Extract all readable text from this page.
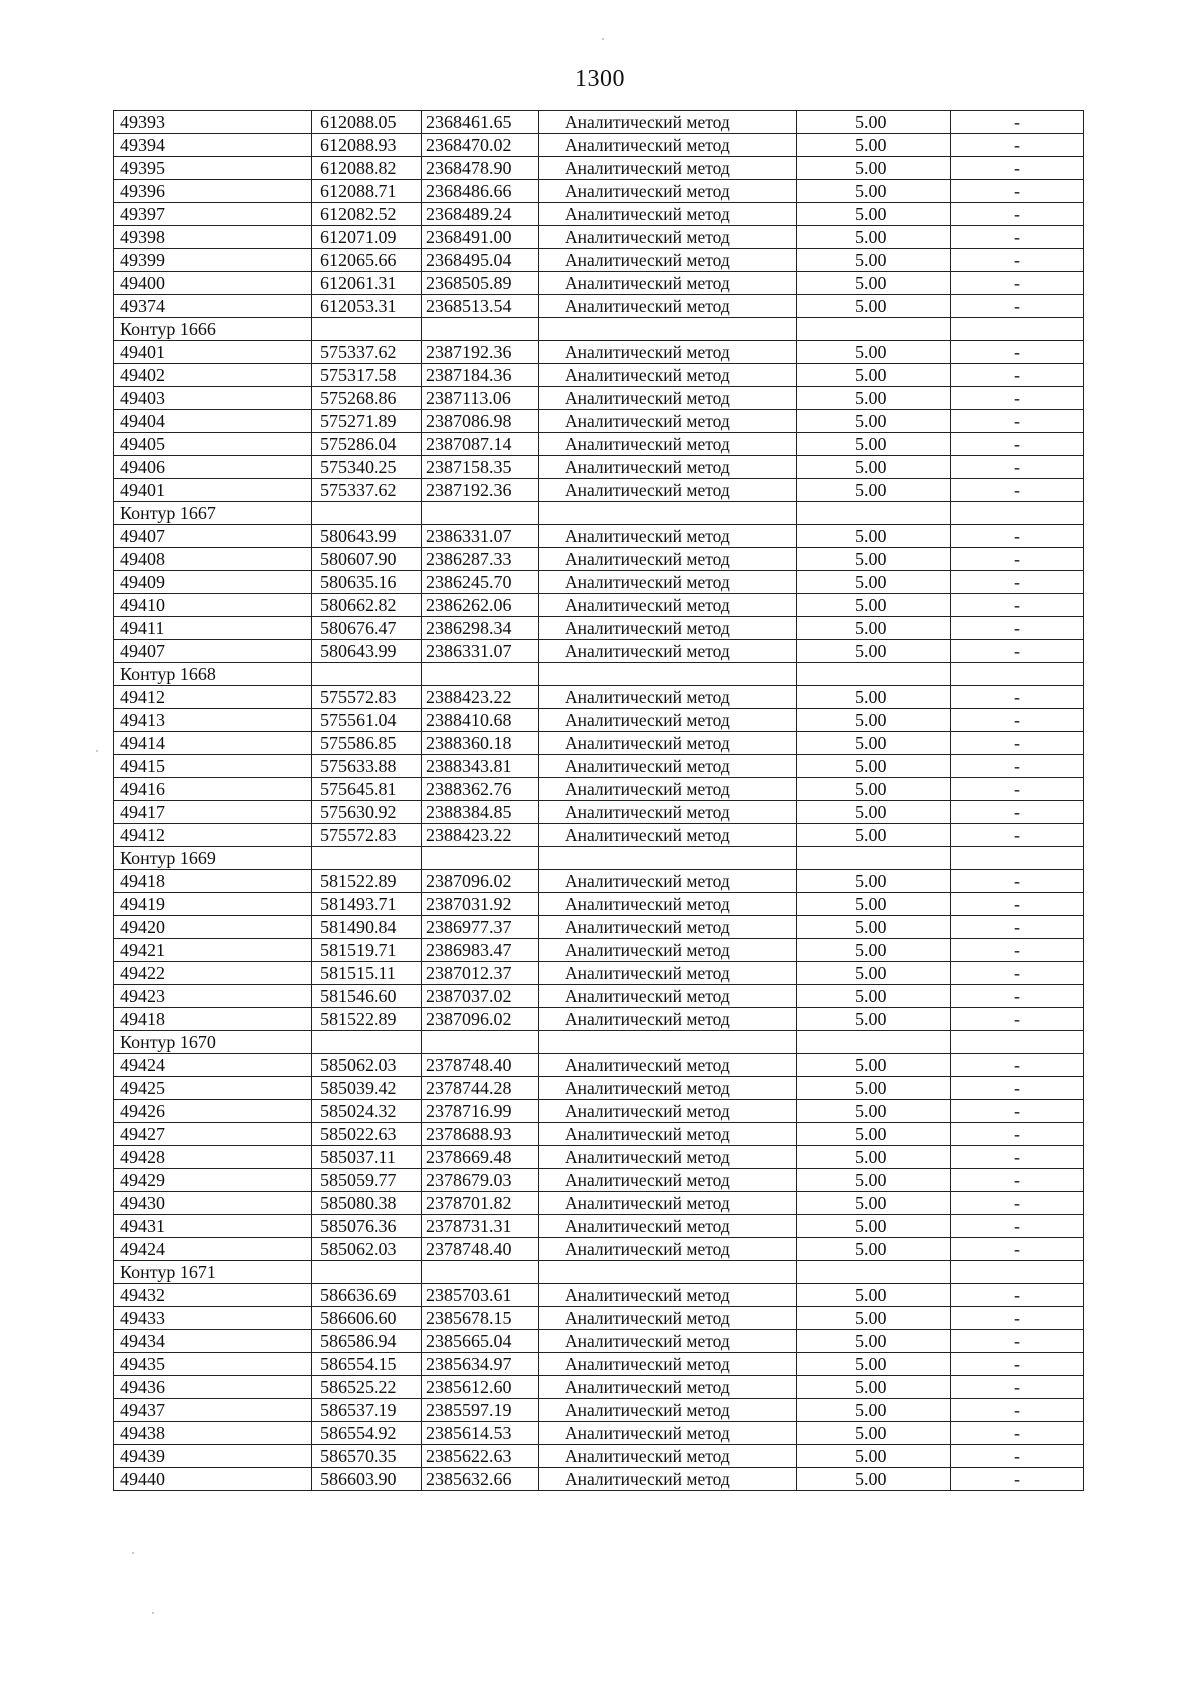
1300
49393	612088.05	2368461.65	Аналитический метод	5.00	-
49394	612088.93	2368470.02	Аналитический метод	5.00	-
49395	612088.82	2368478.90	Аналитический метод	5.00	-
49396	612088.71	2368486.66	Аналитический метод	5.00	-
49397	612082.52	2368489.24	Аналитический метод	5.00	-
49398	612071.09	2368491.00	Аналитический метод	5.00	-
49399	612065.66	2368495.04	Аналитический метод	5.00	-
49400	612061.31	2368505.89	Аналитический метод	5.00	-
49374	612053.31	2368513.54	Аналитический метод	5.00	-
Контур 1666					
49401	575337.62	2387192.36	Аналитический метод	5.00	-
49402	575317.58	2387184.36	Аналитический метод	5.00	-
49403	575268.86	2387113.06	Аналитический метод	5.00	-
49404	575271.89	2387086.98	Аналитический метод	5.00	-
49405	575286.04	2387087.14	Аналитический метод	5.00	-
49406	575340.25	2387158.35	Аналитический метод	5.00	-
49401	575337.62	2387192.36	Аналитический метод	5.00	-
Контур 1667					
49407	580643.99	2386331.07	Аналитический метод	5.00	-
49408	580607.90	2386287.33	Аналитический метод	5.00	-
49409	580635.16	2386245.70	Аналитический метод	5.00	-
49410	580662.82	2386262.06	Аналитический метод	5.00	-
49411	580676.47	2386298.34	Аналитический метод	5.00	-
49407	580643.99	2386331.07	Аналитический метод	5.00	-
Контур 1668					
49412	575572.83	2388423.22	Аналитический метод	5.00	-
49413	575561.04	2388410.68	Аналитический метод	5.00	-
49414	575586.85	2388360.18	Аналитический метод	5.00	-
49415	575633.88	2388343.81	Аналитический метод	5.00	-
49416	575645.81	2388362.76	Аналитический метод	5.00	-
49417	575630.92	2388384.85	Аналитический метод	5.00	-
49412	575572.83	2388423.22	Аналитический метод	5.00	-
Контур 1669					
49418	581522.89	2387096.02	Аналитический метод	5.00	-
49419	581493.71	2387031.92	Аналитический метод	5.00	-
49420	581490.84	2386977.37	Аналитический метод	5.00	-
49421	581519.71	2386983.47	Аналитический метод	5.00	-
49422	581515.11	2387012.37	Аналитический метод	5.00	-
49423	581546.60	2387037.02	Аналитический метод	5.00	-
49418	581522.89	2387096.02	Аналитический метод	5.00	-
Контур 1670					
49424	585062.03	2378748.40	Аналитический метод	5.00	-
49425	585039.42	2378744.28	Аналитический метод	5.00	-
49426	585024.32	2378716.99	Аналитический метод	5.00	-
49427	585022.63	2378688.93	Аналитический метод	5.00	-
49428	585037.11	2378669.48	Аналитический метод	5.00	-
49429	585059.77	2378679.03	Аналитический метод	5.00	-
49430	585080.38	2378701.82	Аналитический метод	5.00	-
49431	585076.36	2378731.31	Аналитический метод	5.00	-
49424	585062.03	2378748.40	Аналитический метод	5.00	-
Контур 1671					
49432	586636.69	2385703.61	Аналитический метод	5.00	-
49433	586606.60	2385678.15	Аналитический метод	5.00	-
49434	586586.94	2385665.04	Аналитический метод	5.00	-
49435	586554.15	2385634.97	Аналитический метод	5.00	-
49436	586525.22	2385612.60	Аналитический метод	5.00	-
49437	586537.19	2385597.19	Аналитический метод	5.00	-
49438	586554.92	2385614.53	Аналитический метод	5.00	-
49439	586570.35	2385622.63	Аналитический метод	5.00	-
49440	586603.90	2385632.66	Аналитический метод	5.00	-
